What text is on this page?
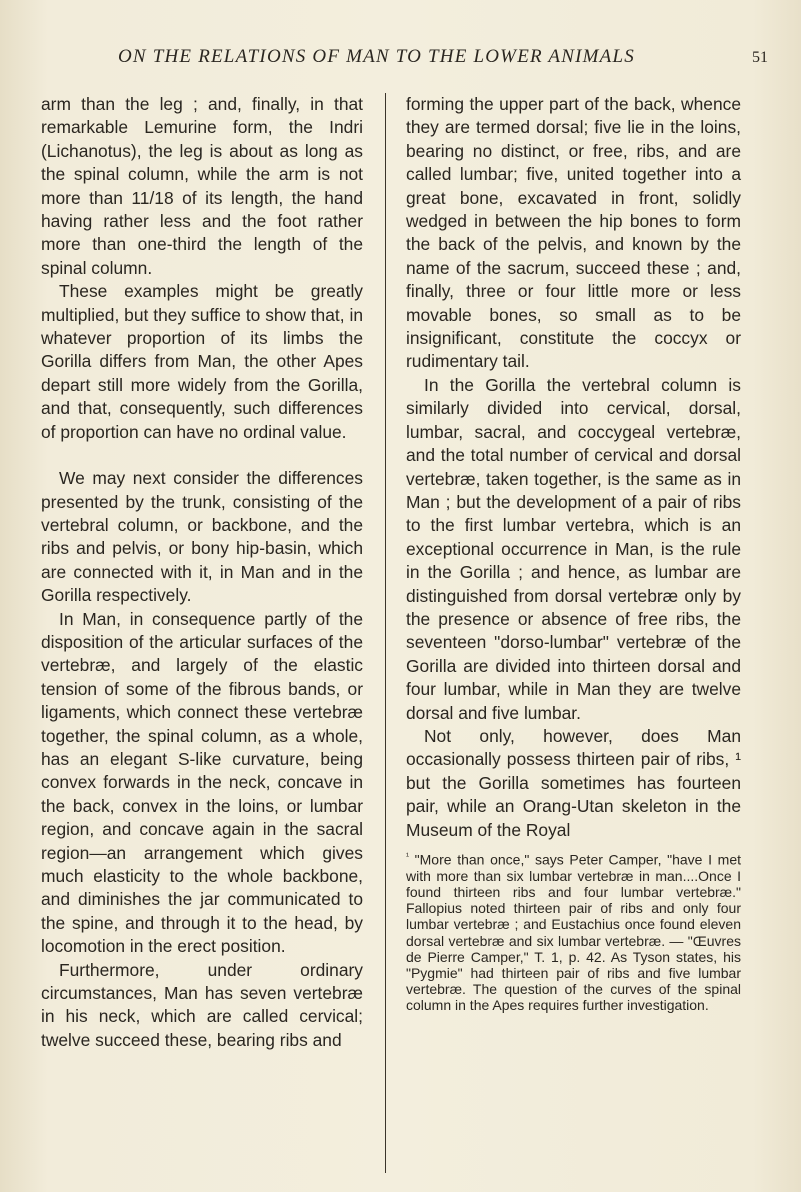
ON THE RELATIONS OF MAN TO THE LOWER ANIMALS	51

arm than the leg ; and, finally, in that remarkable Lemurine form, the Indri (Lichanotus), the leg is about as long as the spinal column, while the arm is not more than 11/18 of its length, the hand having rather less and the foot rather more than one-third the length of the spinal column.

These examples might be greatly multiplied, but they suffice to show that, in whatever proportion of its limbs the Gorilla differs from Man, the other Apes depart still more widely from the Gorilla, and that, consequently, such differences of proportion can have no ordinal value.

We may next consider the differences presented by the trunk, consisting of the vertebral column, or backbone, and the ribs and pelvis, or bony hip-basin, which are connected with it, in Man and in the Gorilla respectively.

In Man, in consequence partly of the disposition of the articular surfaces of the vertebræ, and largely of the elastic tension of some of the fibrous bands, or ligaments, which connect these vertebræ together, the spinal column, as a whole, has an elegant S-like curvature, being convex forwards in the neck, concave in the back, convex in the loins, or lumbar region, and concave again in the sacral region—an arrangement which gives much elasticity to the whole backbone, and diminishes the jar communicated to the spine, and through it to the head, by locomotion in the erect position.

Furthermore, under ordinary circumstances, Man has seven vertebræ in his neck, which are called cervical; twelve succeed these, bearing ribs and

forming the upper part of the back, whence they are termed dorsal; five lie in the loins, bearing no distinct, or free, ribs, and are called lumbar; five, united together into a great bone, excavated in front, solidly wedged in between the hip bones to form the back of the pelvis, and known by the name of the sacrum, succeed these ; and, finally, three or four little more or less movable bones, so small as to be insignificant, constitute the coccyx or rudimentary tail.

In the Gorilla the vertebral column is similarly divided into cervical, dorsal, lumbar, sacral, and coccygeal vertebræ, and the total number of cervical and dorsal vertebræ, taken together, is the same as in Man ; but the development of a pair of ribs to the first lumbar vertebra, which is an exceptional occurrence in Man, is the rule in the Gorilla ; and hence, as lumbar are distinguished from dorsal vertebræ only by the presence or absence of free ribs, the seventeen "dorso-lumbar" vertebræ of the Gorilla are divided into thirteen dorsal and four lumbar, while in Man they are twelve dorsal and five lumbar.

Not only, however, does Man occasionally possess thirteen pair of ribs, ¹ but the Gorilla sometimes has fourteen pair, while an Orang-Utan skeleton in the Museum of the Royal

$^{^1}$ "More than once," says Peter Camper, "have I met with more than six lumbar vertebræ in man....Once I found thirteen ribs and four lumbar vertebræ." Fallopius noted thirteen pair of ribs and only four lumbar vertebræ ; and Eustachius once found eleven dorsal vertebræ and six lumbar vertebræ. — "Œuvres de Pierre Camper," T. 1, p. 42. As Tyson states, his "Pygmie" had thirteen pair of ribs and five lumbar vertebræ. The question of the curves of the spinal column in the Apes requires further investigation.
